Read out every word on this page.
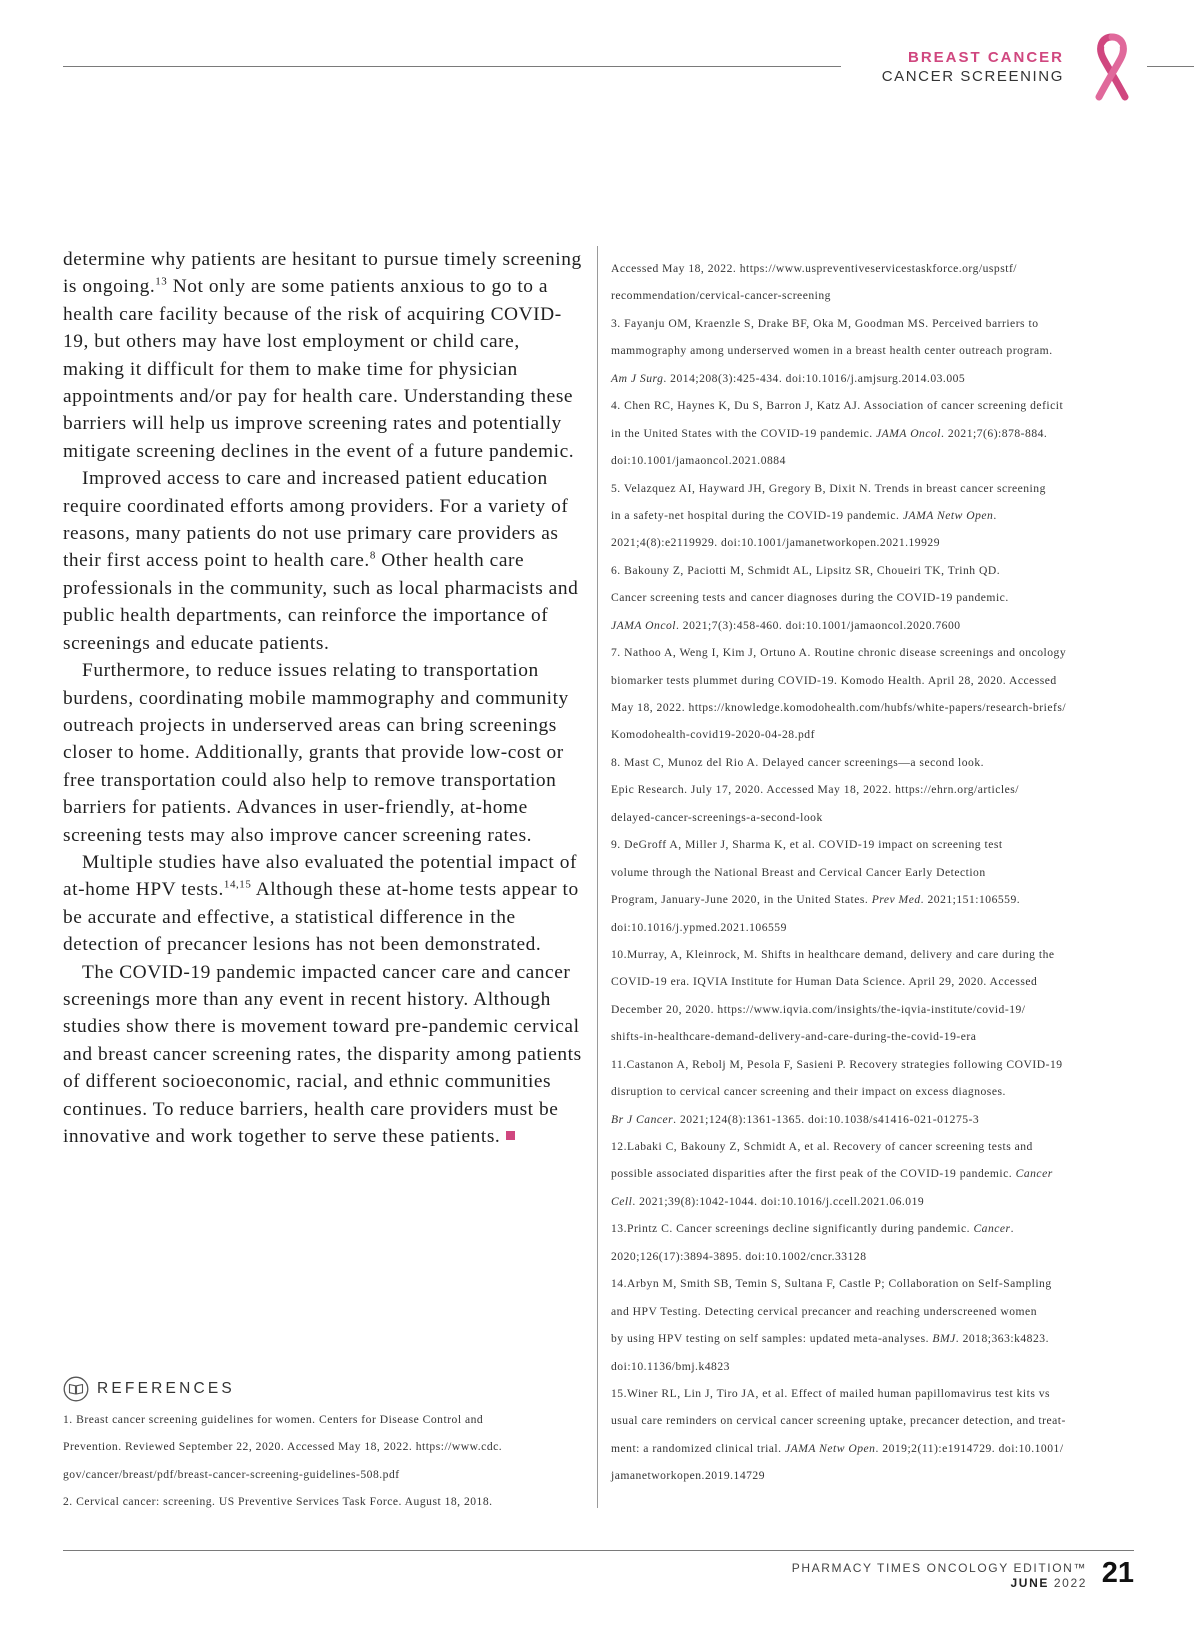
BREAST CANCER
CANCER SCREENING

determine why patients are hesitant to pursue timely screening is ongoing.$^{13}$ Not only are some patients anxious to go to a health care facility because of the risk of acquiring COVID-19, but others may have lost employment or child care, making it difficult for them to make time for physician appointments and/or pay for health care. Understanding these barriers will help us improve screening rates and potentially mitigate screening declines in the event of a future pandemic.

Improved access to care and increased patient education require coordinated efforts among providers. For a variety of reasons, many patients do not use primary care providers as their first access point to health care.$^8$ Other health care professionals in the community, such as local pharmacists and public health departments, can reinforce the importance of screenings and educate patients.

Furthermore, to reduce issues relating to transportation burdens, coordinating mobile mammography and community outreach projects in underserved areas can bring screenings closer to home. Additionally, grants that provide low-cost or free transportation could also help to remove transportation barriers for patients. Advances in user-friendly, at-home screening tests may also improve cancer screening rates.

Multiple studies have also evaluated the potential impact of at-home HPV tests.$^{14,15}$ Although these at-home tests appear to be accurate and effective, a statistical difference in the detection of precancer lesions has not been demonstrated.

The COVID-19 pandemic impacted cancer care and cancer screenings more than any event in recent history. Although studies show there is movement toward pre-pandemic cervical and breast cancer screening rates, the disparity among patients of different socioeconomic, racial, and ethnic communities continues. To reduce barriers, health care providers must be innovative and work together to serve these patients.

REFERENCES
1. Breast cancer screening guidelines for women. Centers for Disease Control and
Prevention. Reviewed September 22, 2020. Accessed May 18, 2022. https://www.cdc.
gov/cancer/breast/pdf/breast-cancer-screening-guidelines-508.pdf
2. Cervical cancer: screening. US Preventive Services Task Force. August 18, 2018.
Accessed May 18, 2022. https://www.uspreventiveservicestaskforce.org/uspstf/
recommendation/cervical-cancer-screening
3. Fayanju OM, Kraenzle S, Drake BF, Oka M, Goodman MS. Perceived barriers to
mammography among underserved women in a breast health center outreach program.
Am J Surg. 2014;208(3):425-434. doi:10.1016/j.amjsurg.2014.03.005
4. Chen RC, Haynes K, Du S, Barron J, Katz AJ. Association of cancer screening deficit
in the United States with the COVID-19 pandemic. JAMA Oncol. 2021;7(6):878-884.
doi:10.1001/jamaoncol.2021.0884
5. Velazquez AI, Hayward JH, Gregory B, Dixit N. Trends in breast cancer screening
in a safety-net hospital during the COVID-19 pandemic. JAMA Netw Open.
2021;4(8):e2119929. doi:10.1001/jamanetworkopen.2021.19929
6. Bakouny Z, Paciotti M, Schmidt AL, Lipsitz SR, Choueiri TK, Trinh QD.
Cancer screening tests and cancer diagnoses during the COVID-19 pandemic.
JAMA Oncol. 2021;7(3):458-460. doi:10.1001/jamaoncol.2020.7600
7. Nathoo A, Weng I, Kim J, Ortuno A. Routine chronic disease screenings and oncology
biomarker tests plummet during COVID-19. Komodo Health. April 28, 2020. Accessed
May 18, 2022. https://knowledge.komodohealth.com/hubfs/white-papers/research-briefs/
Komodohealth-covid19-2020-04-28.pdf
8. Mast C, Munoz del Rio A. Delayed cancer screenings—a second look.
Epic Research. July 17, 2020. Accessed May 18, 2022. https://ehrn.org/articles/
delayed-cancer-screenings-a-second-look
9. DeGroff A, Miller J, Sharma K, et al. COVID-19 impact on screening test
volume through the National Breast and Cervical Cancer Early Detection
Program, January-June 2020, in the United States. Prev Med. 2021;151:106559.
doi:10.1016/j.ypmed.2021.106559
10.Murray, A, Kleinrock, M. Shifts in healthcare demand, delivery and care during the
COVID-19 era. IQVIA Institute for Human Data Science. April 29, 2020. Accessed
December 20, 2020. https://www.iqvia.com/insights/the-iqvia-institute/covid-19/
shifts-in-healthcare-demand-delivery-and-care-during-the-covid-19-era
11.Castanon A, Rebolj M, Pesola F, Sasieni P. Recovery strategies following COVID-19
disruption to cervical cancer screening and their impact on excess diagnoses.
Br J Cancer. 2021;124(8):1361-1365. doi:10.1038/s41416-021-01275-3
12.Labaki C, Bakouny Z, Schmidt A, et al. Recovery of cancer screening tests and
possible associated disparities after the first peak of the COVID-19 pandemic. Cancer
Cell. 2021;39(8):1042-1044. doi:10.1016/j.ccell.2021.06.019
13.Printz C. Cancer screenings decline significantly during pandemic. Cancer.
2020;126(17):3894-3895. doi:10.1002/cncr.33128
14.Arbyn M, Smith SB, Temin S, Sultana F, Castle P; Collaboration on Self-Sampling
and HPV Testing. Detecting cervical precancer and reaching underscreened women
by using HPV testing on self samples: updated meta-analyses. BMJ. 2018;363:k4823.
doi:10.1136/bmj.k4823
15.Winer RL, Lin J, Tiro JA, et al. Effect of mailed human papillomavirus test kits vs
usual care reminders on cervical cancer screening uptake, precancer detection, and treat-
ment: a randomized clinical trial. JAMA Netw Open. 2019;2(11):e1914729. doi:10.1001/
jamanetworkopen.2019.14729
PHARMACY TIMES ONCOLOGY EDITION™
JUNE 2022 21
